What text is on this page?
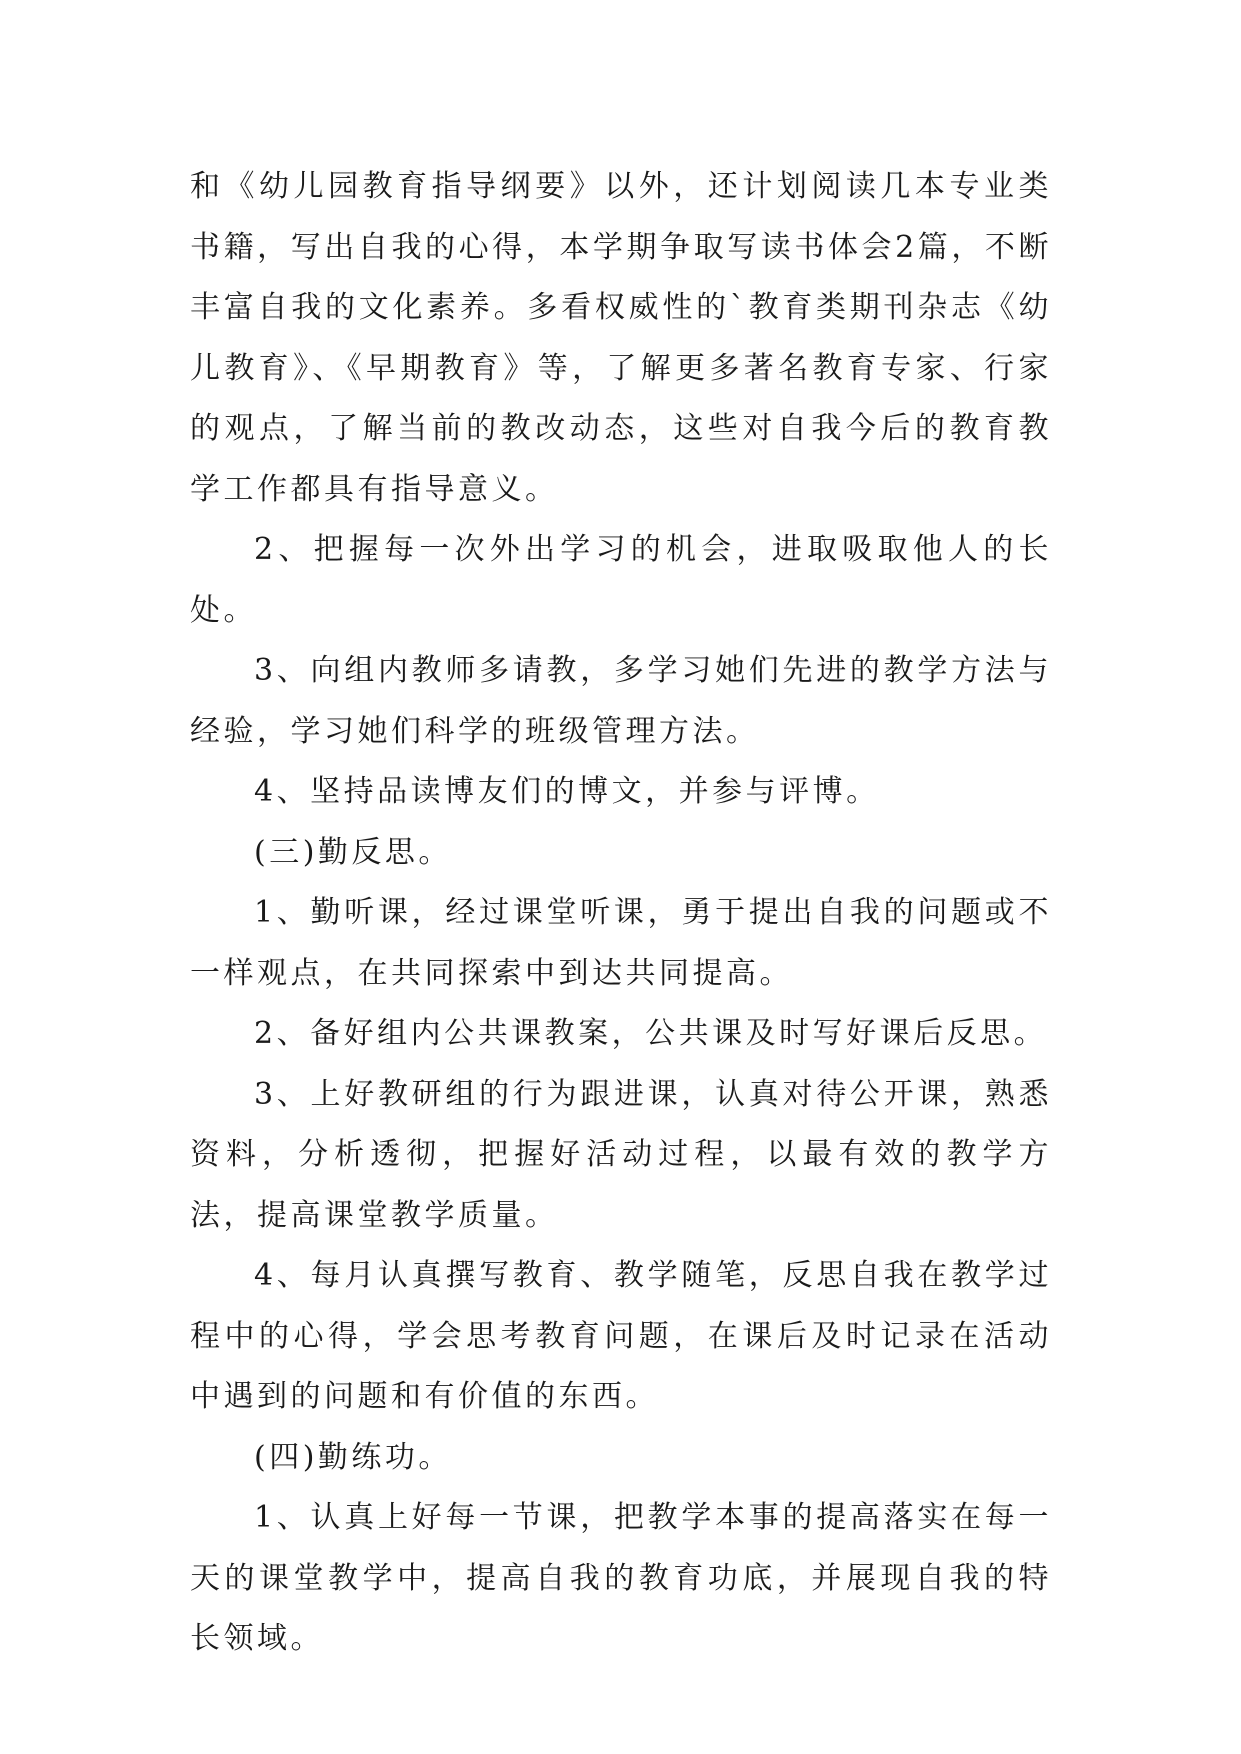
和《幼儿园教育指导纲要》以外，还计划阅读几本专业类书籍，写出自我的心得，本学期争取写读书体会2篇，不断丰富自我的文化素养。多看权威性的`教育类期刊杂志《幼儿教育》、《早期教育》等，了解更多著名教育专家、行家的观点，了解当前的教改动态，这些对自我今后的教育教学工作都具有指导意义。

2、把握每一次外出学习的机会，进取吸取他人的长处。

3、向组内教师多请教，多学习她们先进的教学方法与经验，学习她们科学的班级管理方法。

4、坚持品读博友们的博文，并参与评博。

(三)勤反思。

1、勤听课，经过课堂听课，勇于提出自我的问题或不一样观点，在共同探索中到达共同提高。

2、备好组内公共课教案，公共课及时写好课后反思。

3、上好教研组的行为跟进课，认真对待公开课，熟悉资料，分析透彻，把握好活动过程，以最有效的教学方法，提高课堂教学质量。

4、每月认真撰写教育、教学随笔，反思自我在教学过程中的心得，学会思考教育问题，在课后及时记录在活动中遇到的问题和有价值的东西。

(四)勤练功。

1、认真上好每一节课，把教学本事的提高落实在每一天的课堂教学中，提高自我的教育功底，并展现自我的特长领域。
